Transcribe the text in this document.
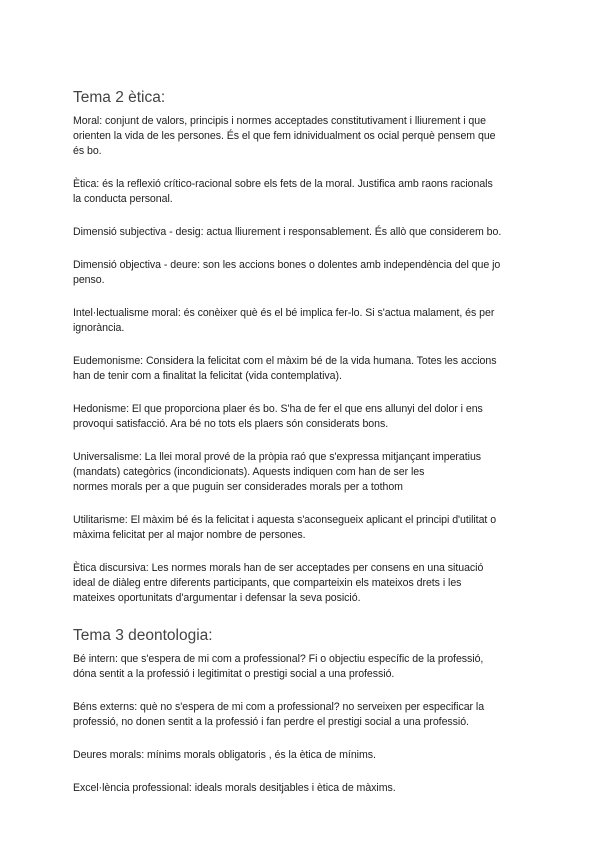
Tema 2 ètica:

Moral: conjunt de valors, principis i normes acceptades constitutivament i lliurement i que
orienten la vida de les persones. És el que fem idnividualment os ocial perquè pensem que
és bo.

Ètica: és la reflexió crítico-racional sobre els fets de la moral. Justifica amb raons racionals
la conducta personal.

Dimensió subjectiva - desig: actua lliurement i responsablement. És allò que considerem bo.

Dimensió objectiva - deure: son les accions bones o dolentes amb independència del que jo
penso.

Intel·lectualisme moral: és conèixer què és el bé implica fer-lo. Si s'actua malament, és per
ignorància.

Eudemonisme: Considera la felicitat com el màxim bé de la vida humana. Totes les accions
han de tenir com a finalitat la felicitat (vida contemplativa).

Hedonisme: El que proporciona plaer és bo. S'ha de fer el que ens allunyi del dolor i ens
provoqui satisfacció. Ara bé no tots els plaers són considerats bons.

Universalisme: La llei moral prové de la pròpia raó que s'expressa mitjançant imperatius
(mandats) categòrics (incondicionats). Aquests indiquen com han de ser les
normes morals per a que puguin ser considerades morals per a tothom

Utilitarisme: El màxim bé és la felicitat i aquesta s'aconsegueix aplicant el principi d'utilitat o
màxima felicitat per al major nombre de persones.

Ètica discursiva: Les normes morals han de ser acceptades per consens en una situació
ideal de diàleg entre diferents participants, que comparteixin els mateixos drets i les
mateixes oportunitats d'argumentar i defensar la seva posició.

Tema 3 deontologia:

Bé intern: que s'espera de mi com a professional? Fi o objectiu específic de la professió,
dóna sentit a la professió i legitimitat o prestigi social a una professió.

Béns externs: què no s'espera de mi com a professional? no serveixen per especificar la
professió, no donen sentit a la professió i fan perdre el prestigi social a una professió.

Deures morals: mínims morals obligatoris , és la ètica de mínims.

Excel·lència professional: ideals morals desitjables i ètica de màxims.
